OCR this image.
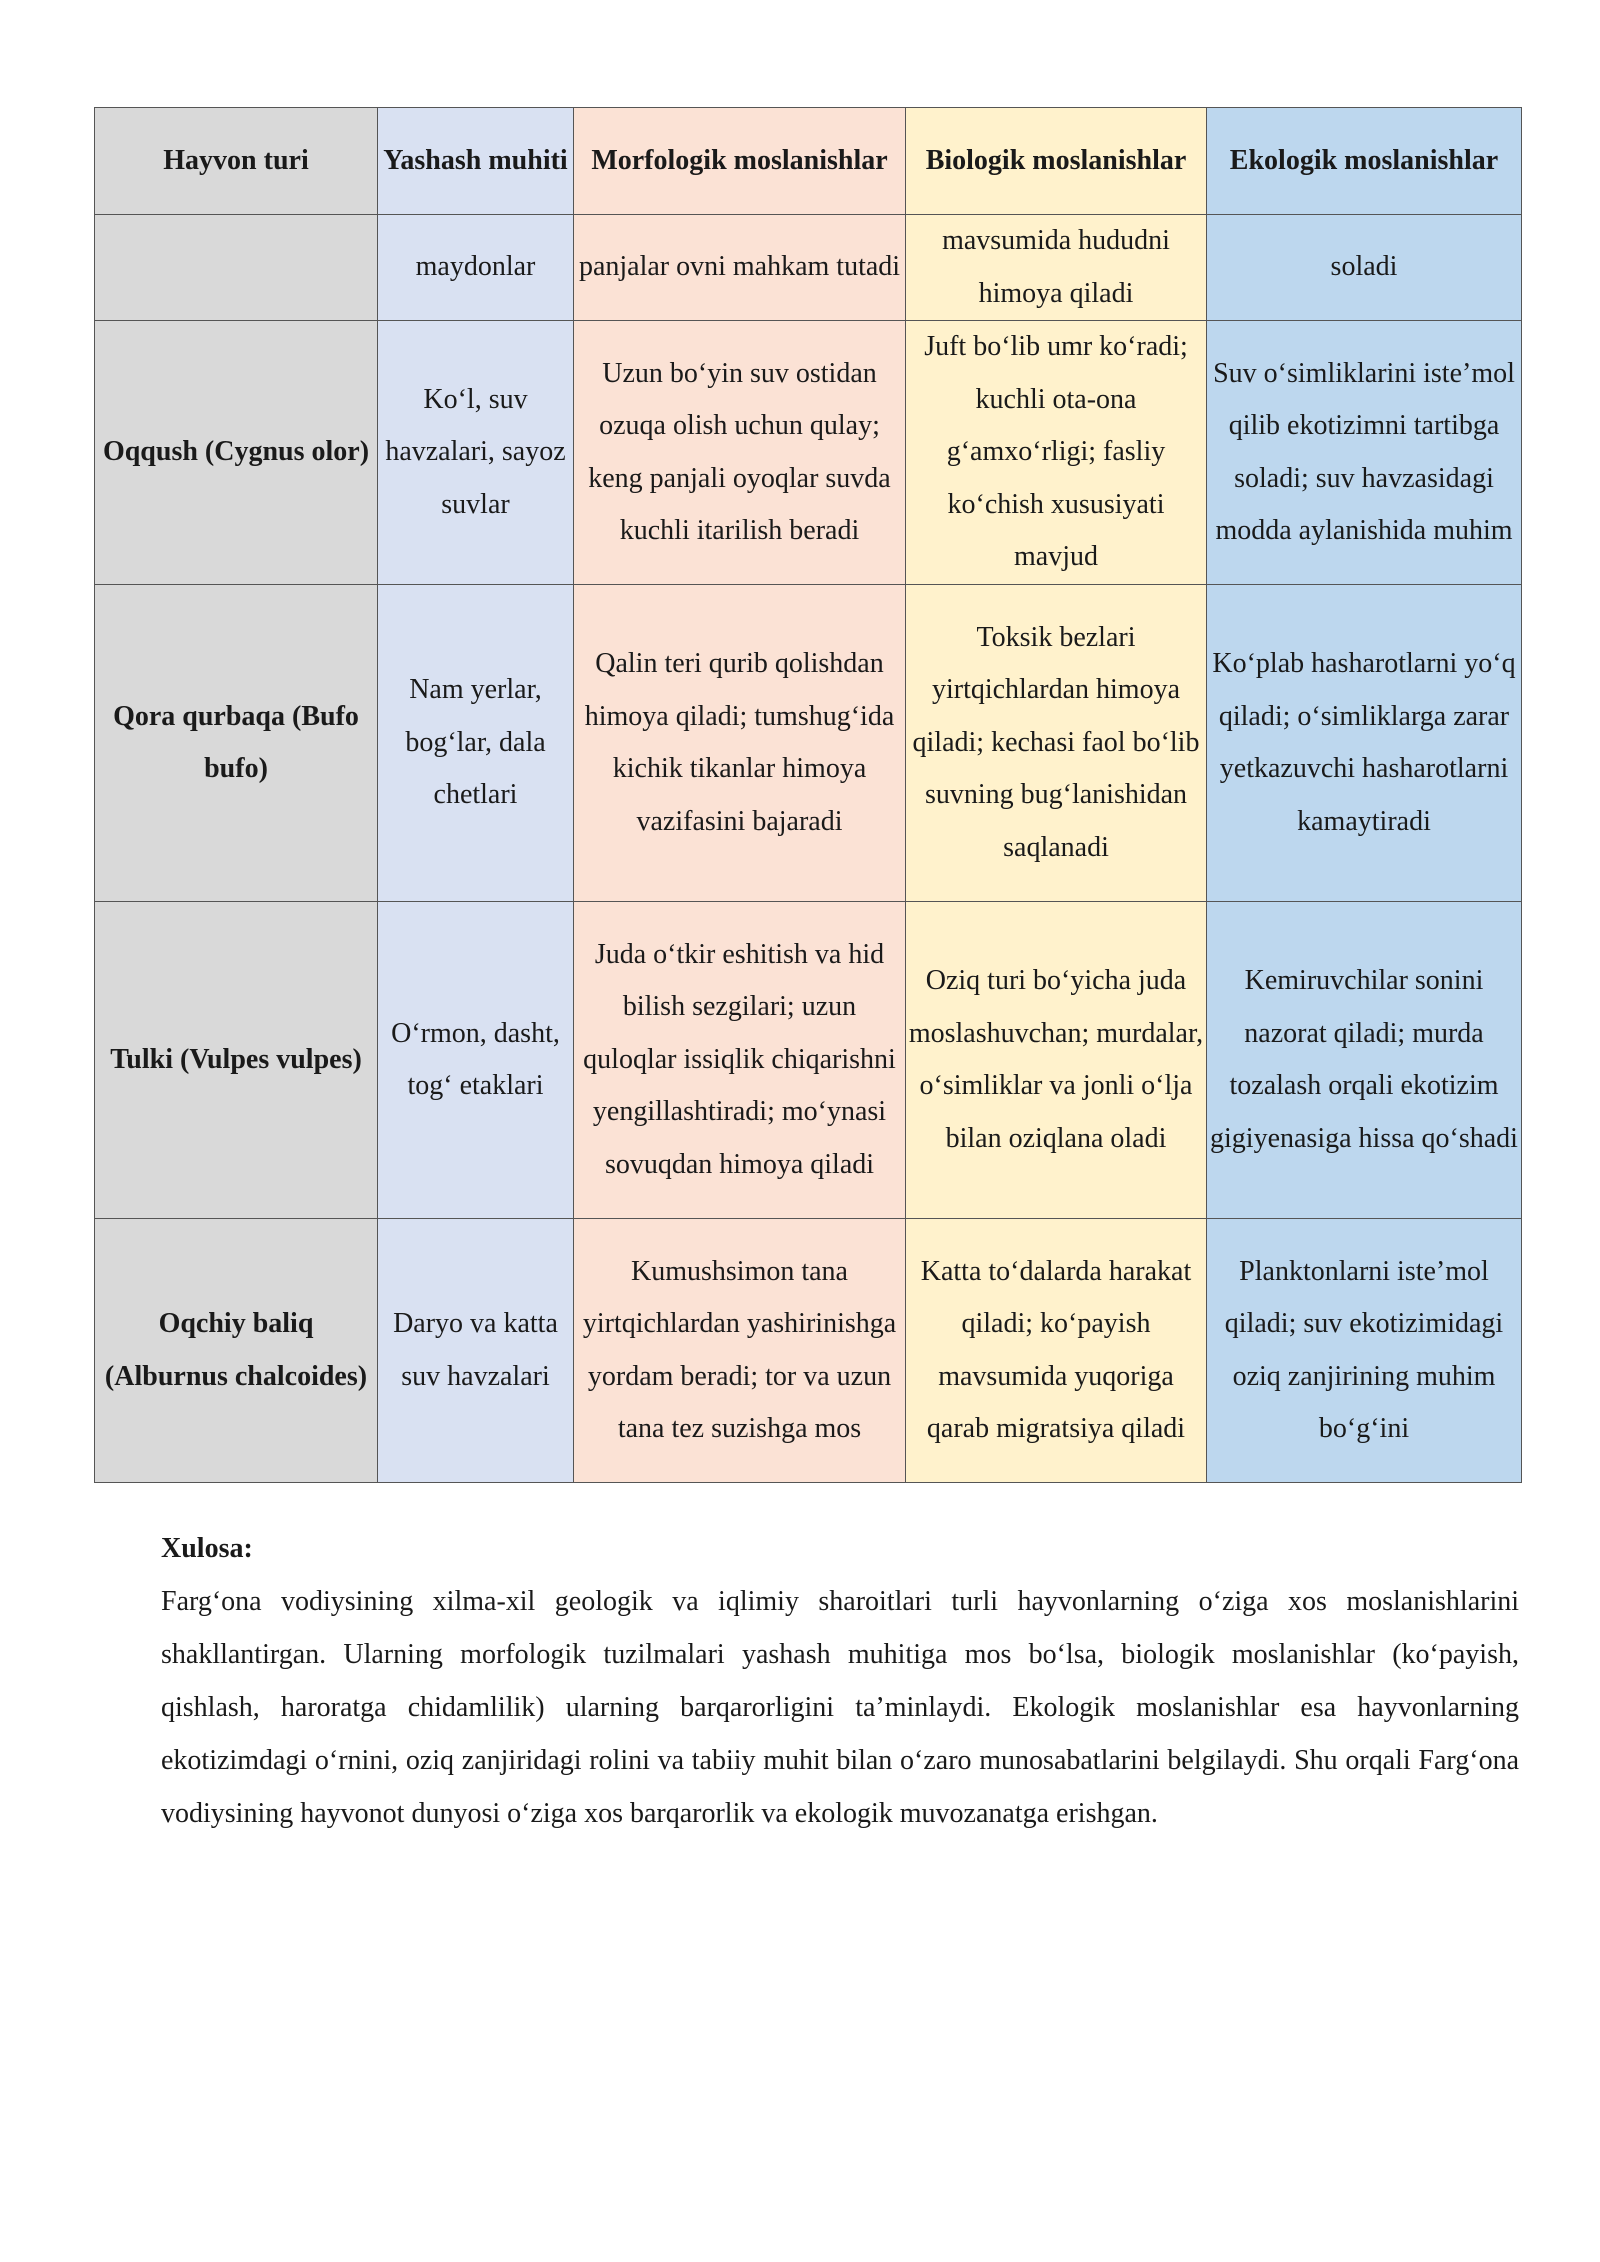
Hayvon turi	Yashash muhiti	Morfologik moslanishlar	Biologik moslanishlar	Ekologik moslanishlar
	maydonlar	panjalar ovni mahkam tutadi	mavsumida hududni himoya qiladi	soladi
Oqqush (Cygnus olor)	Ko‘l, suv havzalari, sayoz suvlar	Uzun bo‘yin suv ostidan ozuqa olish uchun qulay; keng panjali oyoqlar suvda kuchli itarilish beradi	Juft bo‘lib umr ko‘radi; kuchli ota-ona g‘amxo‘rligi; fasliy ko‘chish xususiyati mavjud	Suv o‘simliklarini iste’mol qilib ekotizimni tartibga soladi; suv havzasidagi modda aylanishida muhim
Qora qurbaqa (Bufo bufo)	Nam yerlar, bog‘lar, dala chetlari	Qalin teri qurib qolishdan himoya qiladi; tumshug‘ida kichik tikanlar himoya vazifasini bajaradi	Toksik bezlari yirtqichlardan himoya qiladi; kechasi faol bo‘lib suvning bug‘lanishidan saqlanadi	Ko‘plab hasharotlarni yo‘q qiladi; o‘simliklarga zarar yetkazuvchi hasharotlarni kamaytiradi
Tulki (Vulpes vulpes)	O‘rmon, dasht, tog‘ etaklari	Juda o‘tkir eshitish va hid bilish sezgilari; uzun quloqlar issiqlik chiqarishni yengillashtiradi; mo‘ynasi sovuqdan himoya qiladi	Oziq turi bo‘yicha juda moslashuvchan; murdalar, o‘simliklar va jonli o‘lja bilan oziqlana oladi	Kemiruvchilar sonini nazorat qiladi; murda tozalash orqali ekotizim gigiyenasiga hissa qo‘shadi
Oqchiy baliq (Alburnus chalcoides)	Daryo va katta suv havzalari	Kumushsimon tana yirtqichlardan yashirinishga yordam beradi; tor va uzun tana tez suzishga mos	Katta to‘dalarda harakat qiladi; ko‘payish mavsumida yuqoriga qarab migratsiya qiladi	Planktonlarni iste’mol qiladi; suv ekotizimidagi oziq zanjirining muhim bo‘g‘ini
Xulosa:
Farg‘ona vodiysining xilma-xil geologik va iqlimiy sharoitlari turli hayvonlarning o‘ziga xos moslanishlarini shakllantirgan. Ularning morfologik tuzilmalari yashash muhitiga mos bo‘lsa, biologik moslanishlar (ko‘payish, qishlash, haroratga chidamlilik) ularning barqarorligini ta’minlaydi. Ekologik moslanishlar esa hayvonlarning ekotizimdagi o‘rnini, oziq zanjiridagi rolini va tabiiy muhit bilan o‘zaro munosabatlarini belgilaydi. Shu orqali Farg‘ona vodiysining hayvonot dunyosi o‘ziga xos barqarorlik va ekologik muvozanatga erishgan.
